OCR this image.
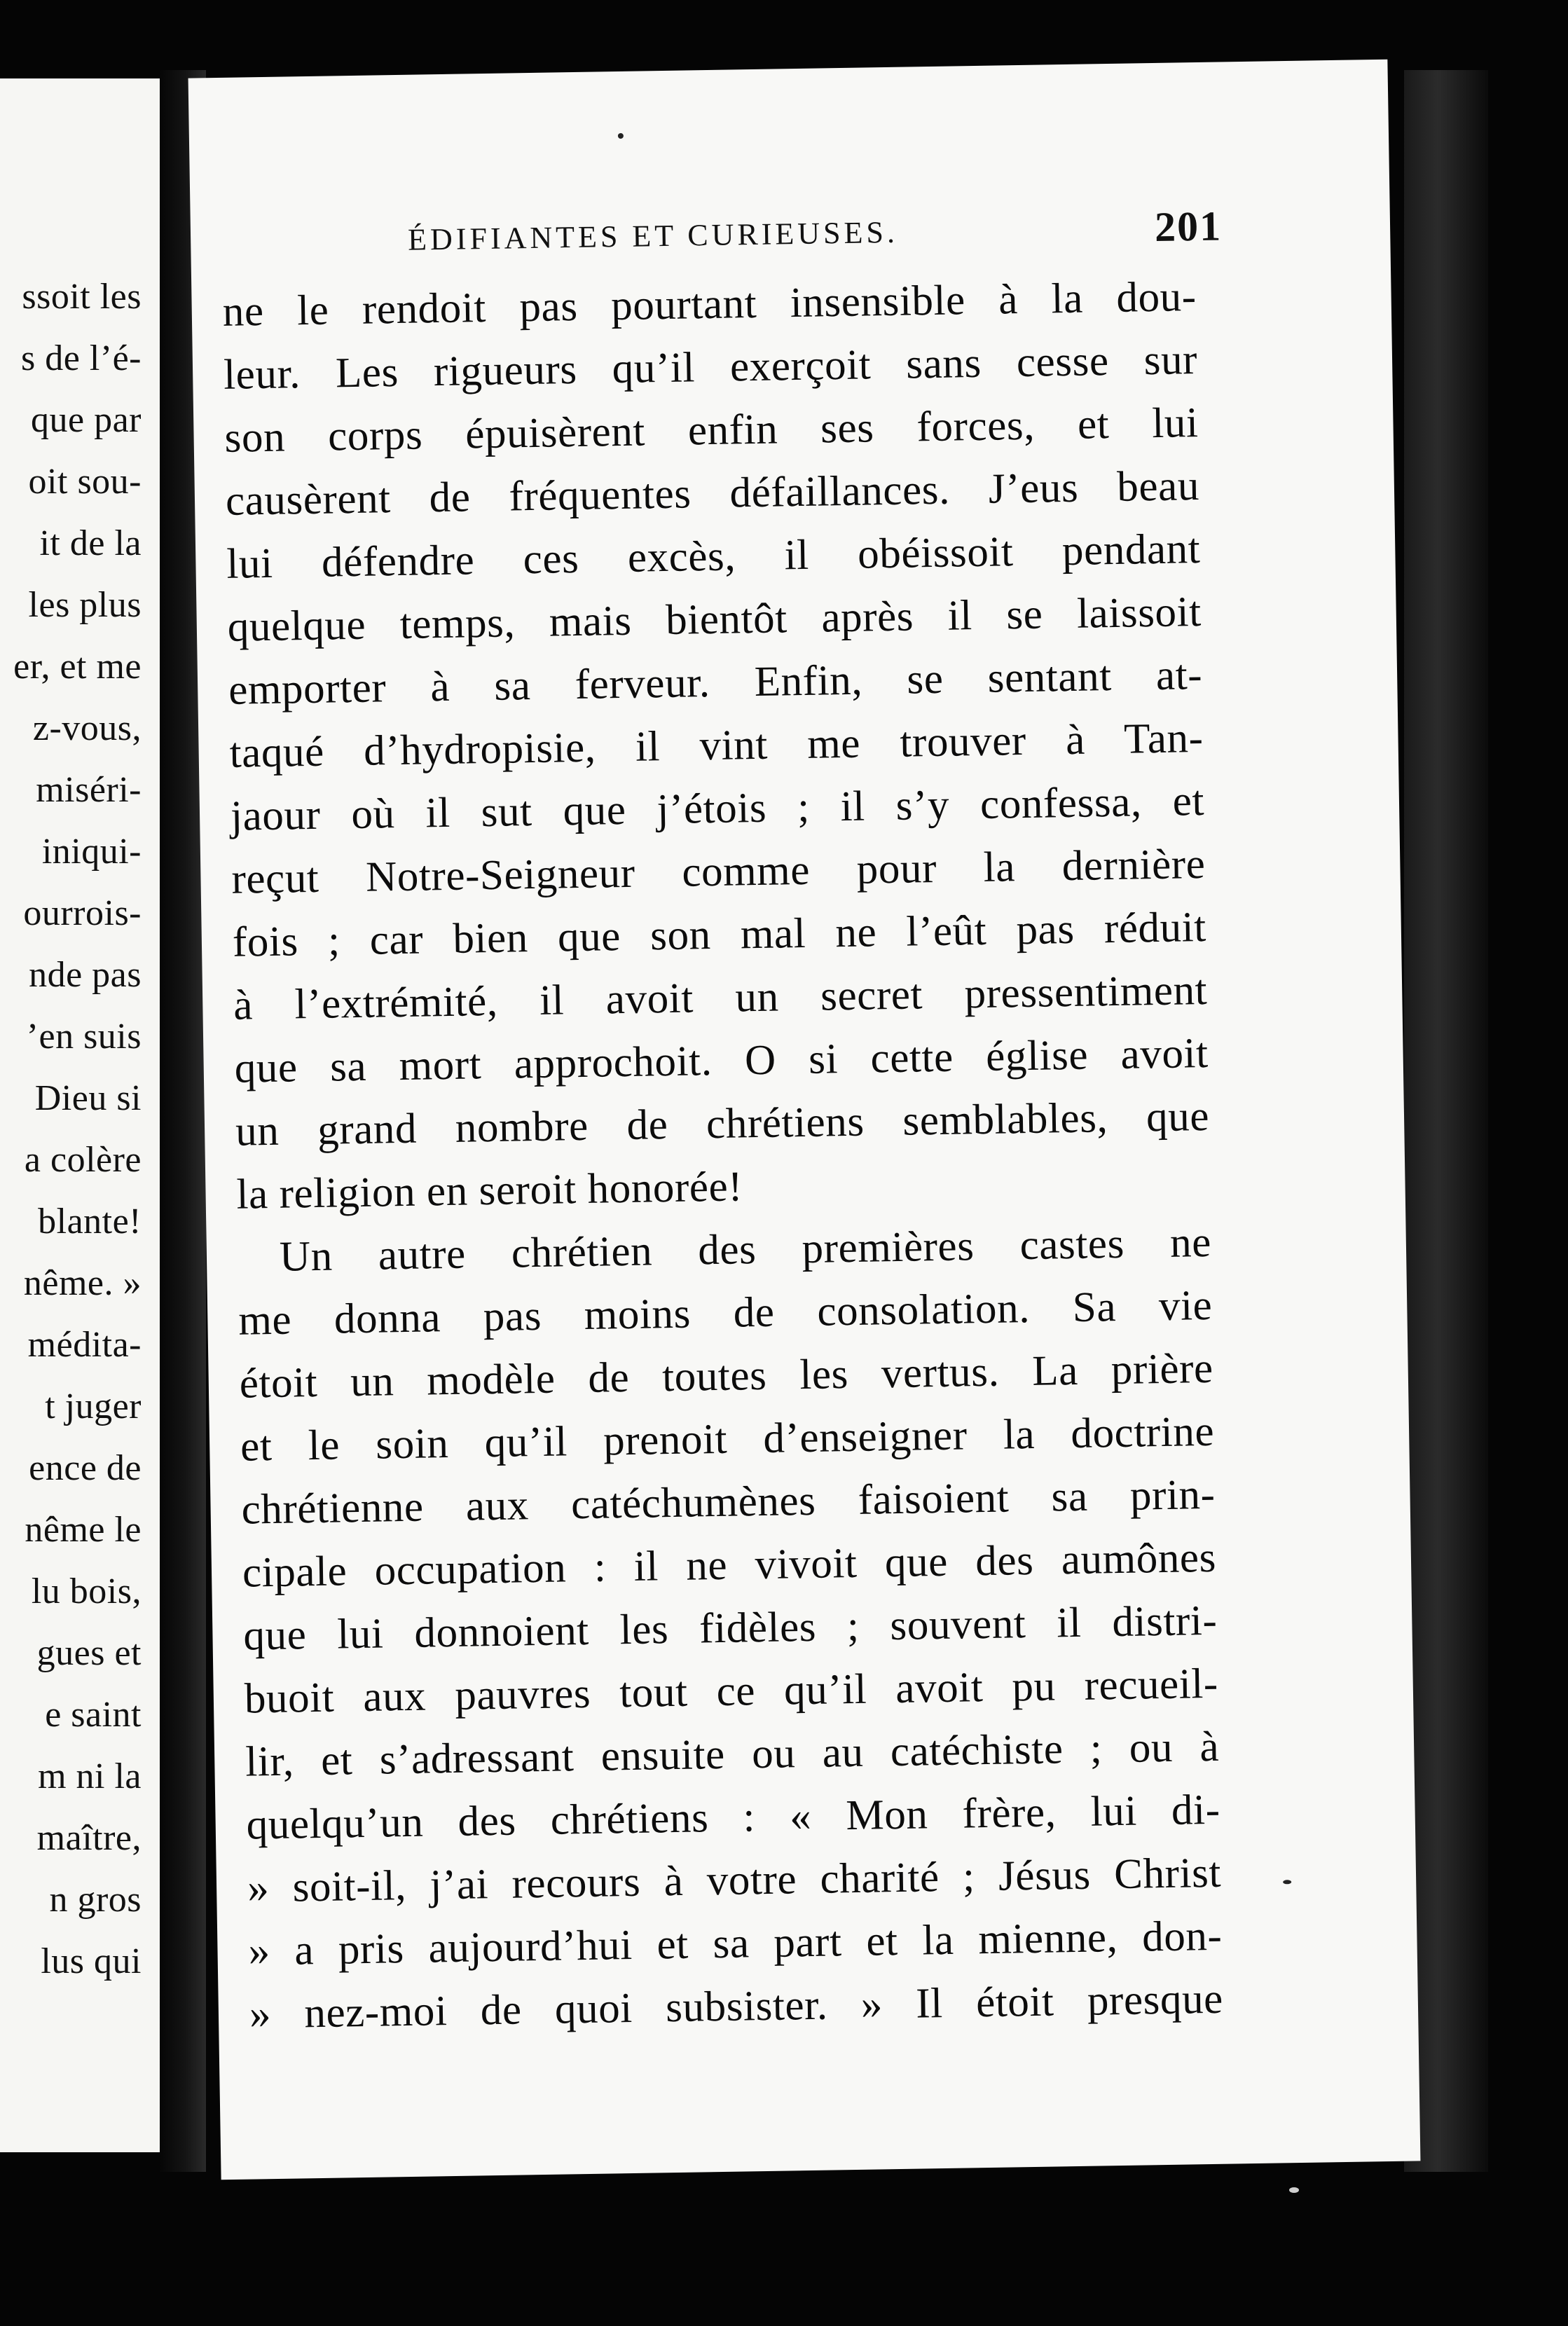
ssoit les
s de l’é-
que par
oit sou-
it de la
les plus
er, et me
z-vous,
miséri-
iniqui-
ourrois-
nde pas
’en suis
Dieu si
a colère
blante!
nême. »
médita-
t juger
ence de
nême le
lu bois,
gues et
e saint
m ni la
maître,
n gros
lus qui
ÉDIFIANTES ET CURIEUSES.	201
ne le rendoit pas pourtant insensible à la dou-
leur. Les rigueurs qu’il exerçoit sans cesse sur
son corps épuisèrent enfin ses forces, et lui
causèrent de fréquentes défaillances. J’eus beau
lui défendre ces excès, il obéissoit pendant
quelque temps, mais bientôt après il se laissoit
emporter à sa ferveur. Enfin, se sentant at-
taqué d’hydropisie, il vint me trouver à Tan-
jaour où il sut que j’étois ; il s’y confessa, et
reçut Notre-Seigneur comme pour la dernière
fois ; car bien que son mal ne l’eût pas réduit
à l’extrémité, il avoit un secret pressentiment
que sa mort approchoit. O si cette église avoit
un grand nombre de chrétiens semblables, que
la religion en seroit honorée!
Un autre chrétien des premières castes ne
me donna pas moins de consolation. Sa vie
étoit un modèle de toutes les vertus. La prière
et le soin qu’il prenoit d’enseigner la doctrine
chrétienne aux catéchumènes faisoient sa prin-
cipale occupation : il ne vivoit que des aumônes
que lui donnoient les fidèles ; souvent il distri-
buoit aux pauvres tout ce qu’il avoit pu recueil-
lir, et s’adressant ensuite ou au catéchiste ; ou à
quelqu’un des chrétiens : « Mon frère, lui di-
» soit-il, j’ai recours à votre charité ; Jésus Christ
» a pris aujourd’hui et sa part et la mienne, don-
» nez-moi de quoi subsister. » Il étoit presque
